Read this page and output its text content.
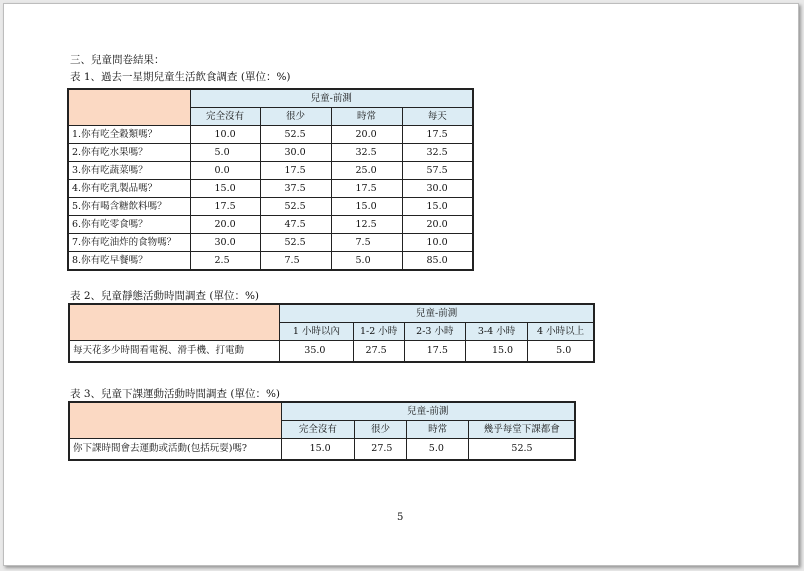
三、兒童問卷結果：
表 1、過去一星期兒童生活飲食調查 (單位：%)
	兒童-前測			
	完全沒有	很少	時常	每天
1.你有吃全穀類嗎？	10.0	52.5	20.0	17.5
2.你有吃水果嗎？	5.0	30.0	32.5	32.5
3.你有吃蔬菜嗎？	0.0	17.5	25.0	57.5
4.你有吃乳製品嗎？	15.0	37.5	17.5	30.0
5.你有喝含糖飲料嗎？	17.5	52.5	15.0	15.0
6.你有吃零食嗎？	20.0	47.5	12.5	20.0
7.你有吃油炸的食物嗎？	30.0	52.5	7.5	10.0
8.你有吃早餐嗎？	2.5	7.5	5.0	85.0
表 2、兒童靜態活動時間調查 (單位：%)
	兒童-前測				
	1 小時以內	1-2 小時	2-3 小時	3-4 小時	4 小時以上
每天花多少時間看電視、滑手機、打電動	35.0	27.5	17.5	15.0	5.0
表 3、兒童下課運動活動時間調查 (單位：%)
	兒童-前測			
	完全沒有	很少	時常	幾乎每堂下課都會
你下課時間會去運動或活動(包括玩耍)嗎?	15.0	27.5	5.0	52.5
5
